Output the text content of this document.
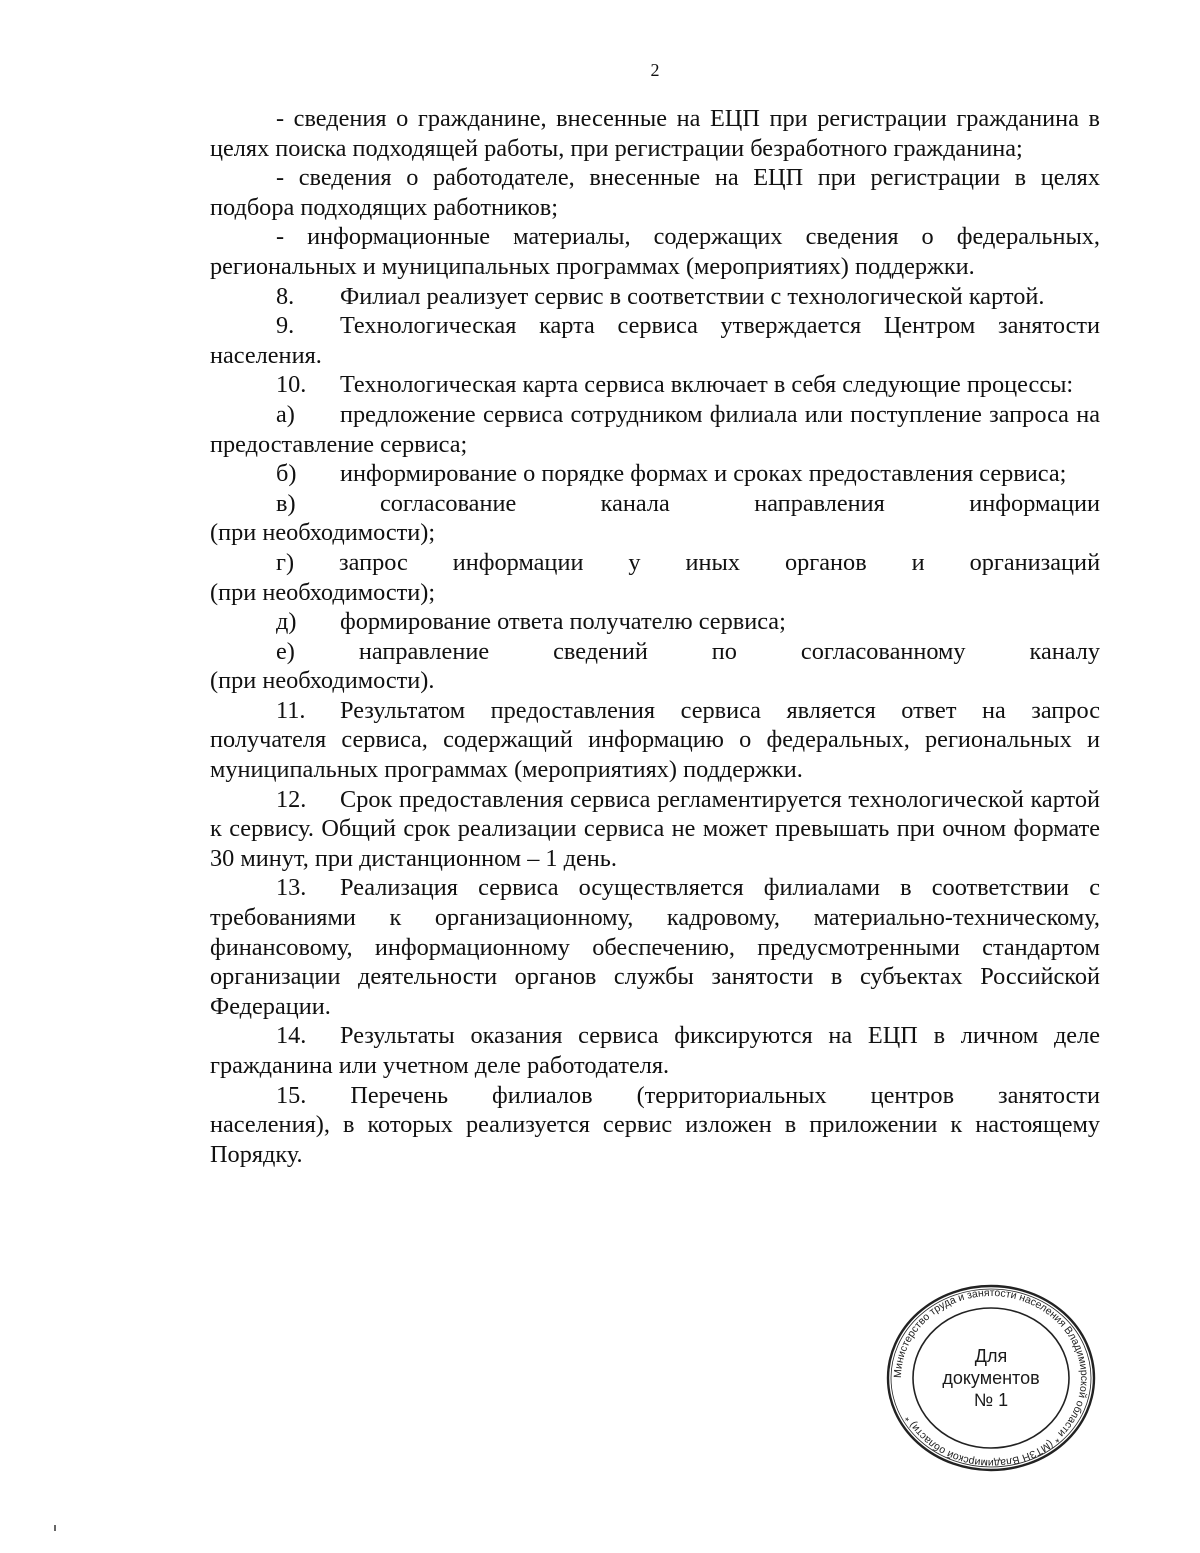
2

- сведения о гражданине, внесенные на ЕЦП при регистрации гражданина в целях поиска подходящей работы, при регистрации безработного гражданина;

- сведения о работодателе, внесенные на ЕЦП при регистрации в целях подбора подходящих работников;

- информационные материалы, содержащих сведения о федеральных, региональных и муниципальных программах (мероприятиях) поддержки.

8. Филиал реализует сервис в соответствии с технологической картой.

9. Технологическая карта сервиса утверждается Центром занятости населения.

10. Технологическая карта сервиса включает в себя следующие процессы:

а) предложение сервиса сотрудником филиала или поступление запроса на предоставление сервиса;

б) информирование о порядке формах и сроках предоставления сервиса;

в)	согласование	канала	направления	информации
(при необходимости);
г) запрос информации у иных органов и организаций
(при необходимости);

д) формирование ответа получателю сервиса;

е)	направление	сведений	по	согласованному	каналу
(при необходимости).

11. Результатом предоставления сервиса является ответ на запрос получателя сервиса, содержащий информацию о федеральных, региональных и муниципальных программах (мероприятиях) поддержки.

12. Срок предоставления сервиса регламентируется технологической картой к сервису. Общий срок реализации сервиса не может превышать при очном формате 30 минут, при дистанционном – 1 день.

13. Реализация сервиса осуществляется филиалами в соответствии с требованиями к организационному, кадровому, материально-техническому, финансовому, информационному обеспечению, предусмотренными стандартом организации деятельности органов службы занятости в субъектах Российской Федерации.

14. Результаты оказания сервиса фиксируются на ЕЦП в личном деле гражданина или учетном деле работодателя.

15. Перечень филиалов (территориальных центров занятости
населения), в которых реализуется сервис изложен в приложении к настоящему Порядку.
Министерство труда и занятости населения Владимирской области * (МТЗН Владимирской области) *
Для
документов
№ 1
